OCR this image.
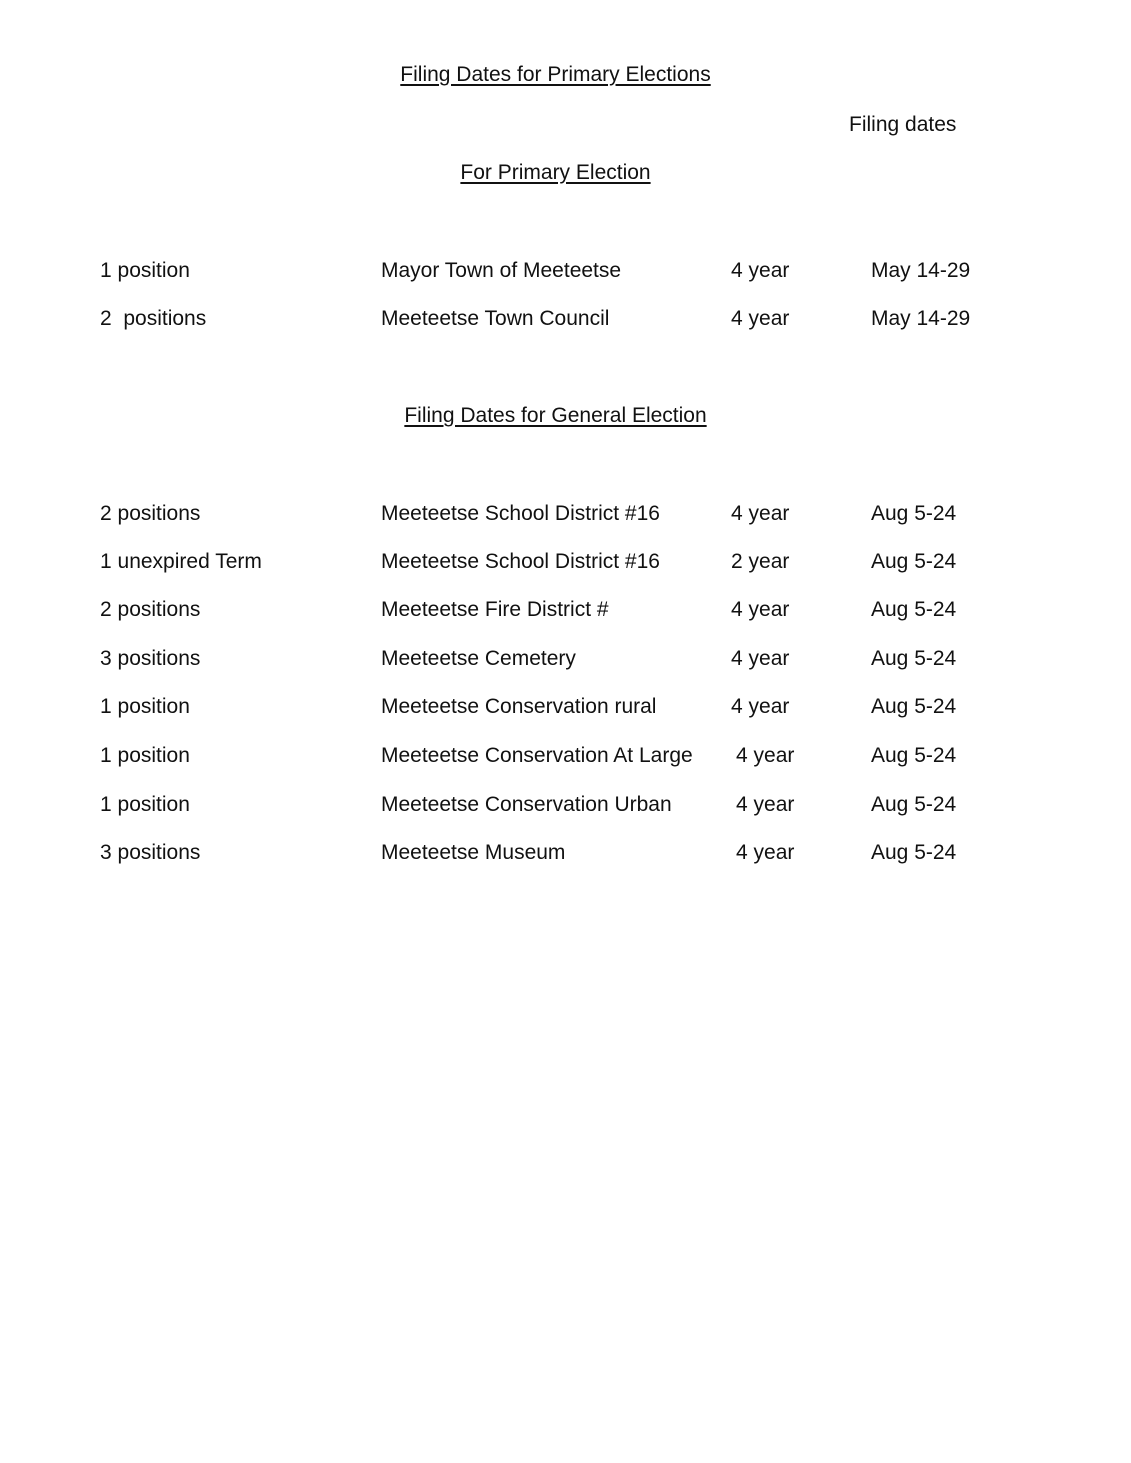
Filing Dates for Primary Elections
Filing dates
For Primary Election
1 position	Mayor Town of Meeteetse	4 year	May 14-29
2  positions	Meeteetse Town Council	4 year	May 14-29
Filing Dates for General Election
2 positions	Meeteetse School District #16	4 year	Aug 5-24
1 unexpired Term	Meeteetse School District #16	2 year	Aug 5-24
2 positions	Meeteetse Fire District #	4 year	Aug 5-24
3 positions	Meeteetse Cemetery	4 year	Aug 5-24
1 position	Meeteetse Conservation rural	4 year	Aug 5-24
1 position	Meeteetse Conservation At Large 4 year	Aug 5-24
1 position	Meeteetse Conservation Urban	4 year	Aug 5-24
3 positions	Meeteetse Museum	4 year	Aug 5-24
